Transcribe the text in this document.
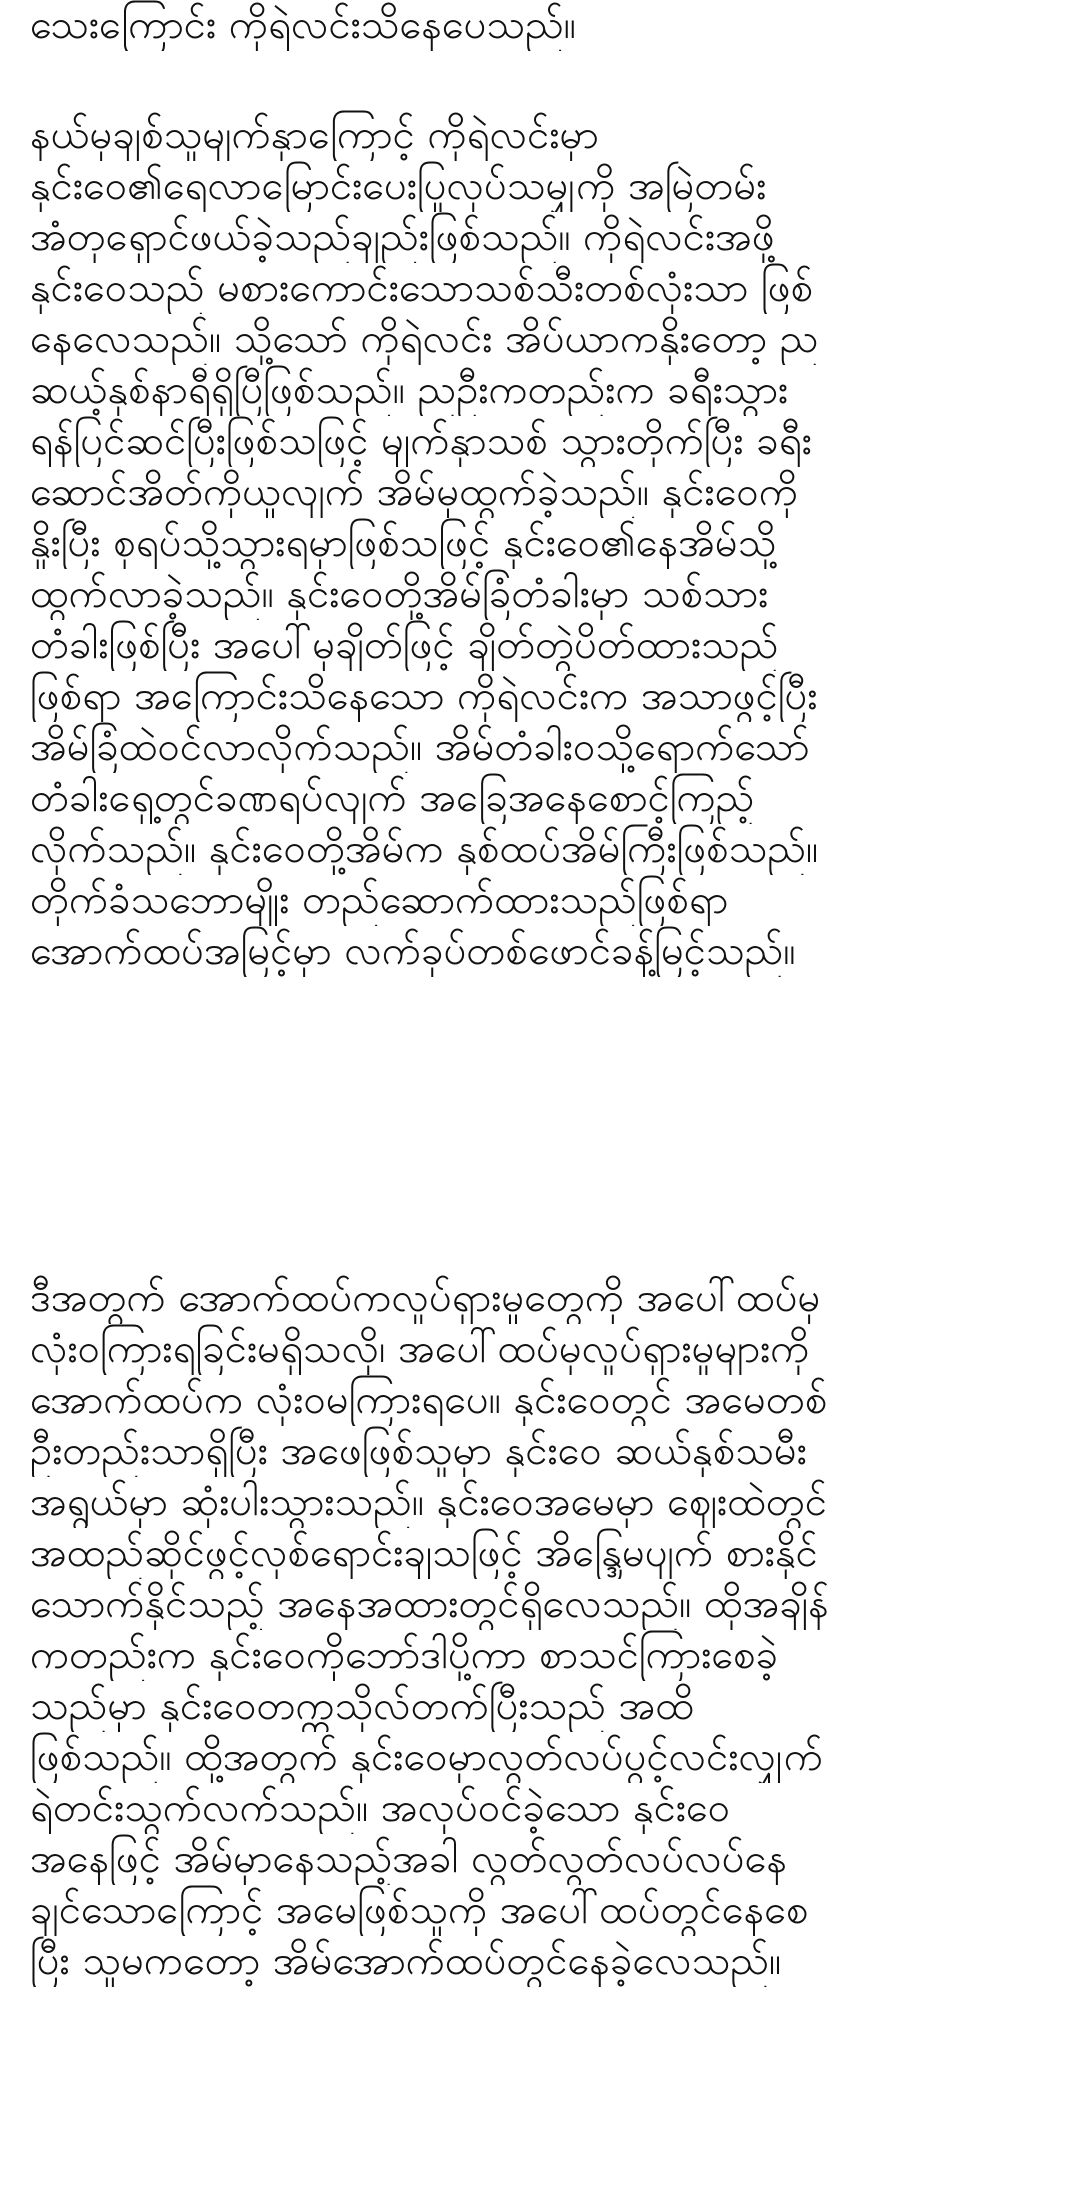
သေးကြောင်း ကိုရဲလင်းသိနေပေသည်။
နယ်မှချစ်သူမျက်နှာကြောင့် ကိုရဲလင်းမှာ
နှင်းဝေ၏ရေလာမြောင်းပေးပြုလုပ်သမျှကို အမြဲတမ်း
အံတုရှောင်ဖယ်ခဲ့သည်ချည်းဖြစ်သည်။ ကိုရဲလင်းအဖို့
နှင်းဝေသည် မစားကောင်းသောသစ်သီးတစ်လုံးသာ ဖြစ်
နေလေသည်။ သို့သော် ကိုရဲလင်း အိပ်ယာကနိုးတော့ ည
ဆယ့်နှစ်နာရီရှိပြီဖြစ်သည်။ ညဦးကတည်းက ခရီးသွား
ရန်ပြင်ဆင်ပြီးဖြစ်သဖြင့် မျက်နှာသစ် သွားတိုက်ပြီး ခရီး
ဆောင်အိတ်ကိုယူလျက် အိမ်မှထွက်ခဲ့သည်။ နှင်းဝေကို
နှိုးပြီး စုရပ်သို့သွားရမှာဖြစ်သဖြင့် နှင်းဝေ၏နေအိမ်သို့
ထွက်လာခဲ့သည်။ နှင်းဝေတို့အိမ်ခြံတံခါးမှာ သစ်သား
တံခါးဖြစ်ပြီး အပေါ်မှချိတ်ဖြင့် ချိတ်တွဲပိတ်ထားသည်
ဖြစ်ရာ အကြောင်းသိနေသော ကိုရဲလင်းက အသာဖွင့်ပြီး
အိမ်ခြံထဲဝင်လာလိုက်သည်။ အိမ်တံခါးဝသို့ရောက်သော်
တံခါးရှေ့တွင်ခဏရပ်လျက် အခြေအနေစောင့်ကြည့်
လိုက်သည်။ နှင်းဝေတို့အိမ်က နှစ်ထပ်အိမ်ကြီးဖြစ်သည်။
တိုက်ခံသဘောမျိုး တည်ဆောက်ထားသည်ဖြစ်ရာ
အောက်ထပ်အမြင့်မှာ လက်ခုပ်တစ်ဖောင်ခန့်မြင့်သည်။
ဒီအတွက် အောက်ထပ်ကလှုပ်ရှားမှုတွေကို အပေါ်ထပ်မှ
လုံးဝကြားရခြင်းမရှိသလို၊ အပေါ်ထပ်မှလှုပ်ရှားမှုများကို
အောက်ထပ်က လုံးဝမကြားရပေ။ နှင်းဝေတွင် အမေတစ်
ဦးတည်းသာရှိပြီး အဖေဖြစ်သူမှာ နှင်းဝေ ဆယ်နှစ်သမီး
အရွယ်မှာ ဆုံးပါးသွားသည်။ နှင်းဝေအမေမှာ ဈေးထဲတွင်
အထည်ဆိုင်ဖွင့်လှစ်ရောင်းချသဖြင့် အိန္ဒြေမပျက် စားနိုင်
သောက်နိုင်သည့် အနေအထားတွင်ရှိလေသည်။ ထိုအချိန်
ကတည်းက နှင်းဝေကိုဘော်ဒါပို့ကာ စာသင်ကြားစေခဲ့
သည်မှာ နှင်းဝေတက္ကသိုလ်တက်ပြီးသည် အထိ
ဖြစ်သည်။ ထို့အတွက် နှင်းဝေမှာလွတ်လပ်ပွင့်လင်းလျှက်
ရဲတင်းသွက်လက်သည်။ အလုပ်ဝင်ခဲ့သော နှင်းဝေ
အနေဖြင့် အိမ်မှာနေသည့်အခါ လွတ်လွတ်လပ်လပ်နေ
ချင်သောကြောင့် အမေဖြစ်သူကို အပေါ်ထပ်တွင်နေစေ
ပြီး သူမကတော့ အိမ်အောက်ထပ်တွင်နေခဲ့လေသည်။
